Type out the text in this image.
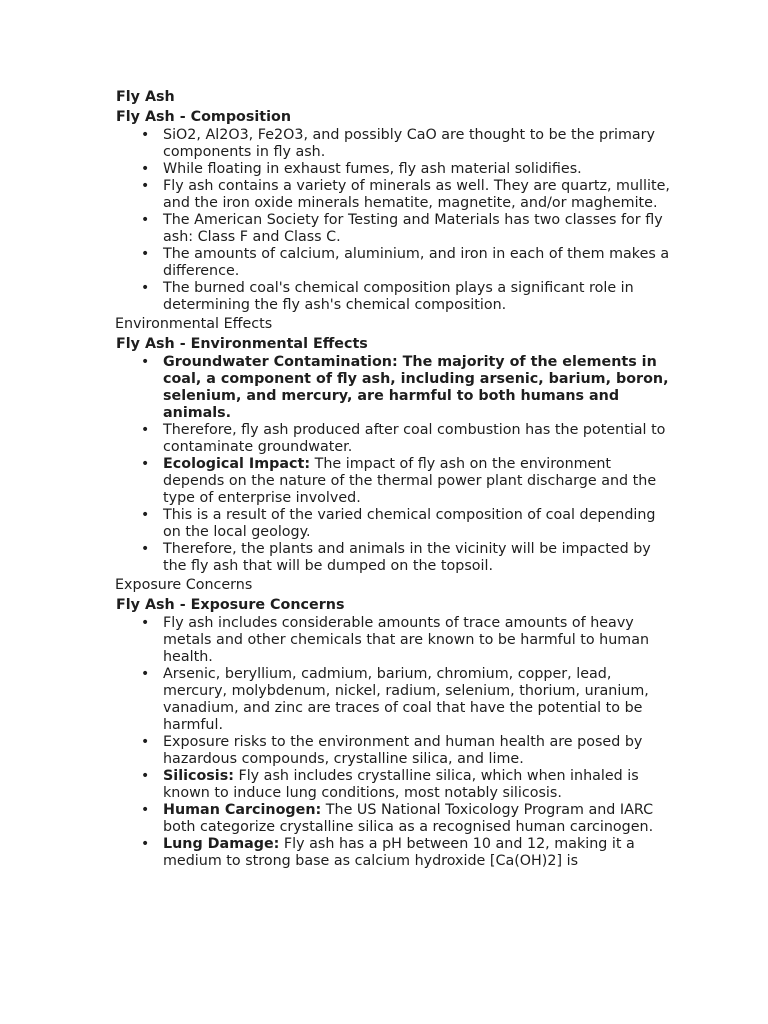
Fly Ash
Fly Ash - Composition
• SiO2, Al2O3, Fe2O3, and possibly CaO are thought to be the primary components in fly ash.
• While floating in exhaust fumes, fly ash material solidifies.
• Fly ash contains a variety of minerals as well. They are quartz, mullite, and the iron oxide minerals hematite, magnetite, and/or maghemite.
• The American Society for Testing and Materials has two classes for fly ash: Class F and Class C.
• The amounts of calcium, aluminium, and iron in each of them makes a difference.
• The burned coal's chemical composition plays a significant role in determining the fly ash's chemical composition.
Environmental Effects
Fly Ash - Environmental Effects
• Groundwater Contamination: The majority of the elements in coal, a component of fly ash, including arsenic, barium, boron, selenium, and mercury, are harmful to both humans and animals.
• Therefore, fly ash produced after coal combustion has the potential to contaminate groundwater.
• Ecological Impact: The impact of fly ash on the environment depends on the nature of the thermal power plant discharge and the type of enterprise involved.
• This is a result of the varied chemical composition of coal depending on the local geology.
• Therefore, the plants and animals in the vicinity will be impacted by the fly ash that will be dumped on the topsoil.
Exposure Concerns
Fly Ash - Exposure Concerns
• Fly ash includes considerable amounts of trace amounts of heavy metals and other chemicals that are known to be harmful to human health.
• Arsenic, beryllium, cadmium, barium, chromium, copper, lead, mercury, molybdenum, nickel, radium, selenium, thorium, uranium, vanadium, and zinc are traces of coal that have the potential to be harmful.
• Exposure risks to the environment and human health are posed by hazardous compounds, crystalline silica, and lime.
• Silicosis: Fly ash includes crystalline silica, which when inhaled is known to induce lung conditions, most notably silicosis.
• Human Carcinogen: The US National Toxicology Program and IARC both categorize crystalline silica as a recognised human carcinogen.
• Lung Damage: Fly ash has a pH between 10 and 12, making it a medium to strong base as calcium hydroxide [Ca(OH)2] is
